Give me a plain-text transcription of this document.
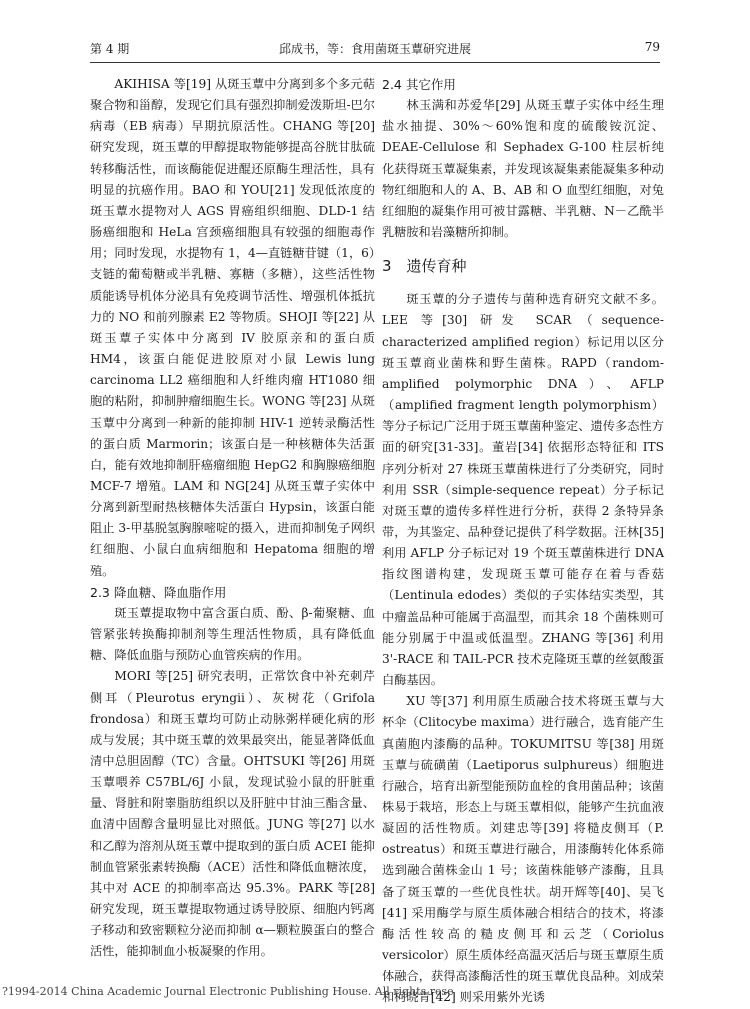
第 4 期	邱成书，等：食用菌斑玉蕈研究进展	79

AKIHISA 等[19] 从斑玉蕈中分离到多个多元萜聚合物和甾醇，发现它们具有强烈抑制爱泼斯坦-巴尔病毒（EB 病毒）早期抗原活性。CHANG 等[20] 研究发现，斑玉蕈的甲醇提取物能够提高谷胱甘肽硫转移酶活性，而该酶能促进醌还原酶生理活性，具有明显的抗癌作用。BAO 和 YOU[21] 发现低浓度的斑玉蕈水提物对人 AGS 胃癌组织细胞、DLD-1 结肠癌细胞和 HeLa 宫颈癌细胞具有较强的细胞毒作用；同时发现，水提物有 1，4—直链糖苷键（1，6）支链的葡萄糖或半乳糖、寡糖（多糖），这些活性物质能诱导机体分泌具有免疫调节活性、增强机体抵抗力的 NO 和前列腺素 E2 等物质。SHOJI 等[22] 从斑玉蕈子实体中分离到 IV 胶原亲和的蛋白质 HM4，该蛋白能促进胶原对小鼠 Lewis lung carcinoma LL2 癌细胞和人纤维肉瘤 HT1080 细胞的粘附，抑制肿瘤细胞生长。WONG 等[23] 从斑玉蕈中分离到一种新的能抑制 HIV-1 逆转录酶活性的蛋白质 Marmorin；该蛋白是一种核糖体失活蛋白，能有效地抑制肝癌瘤细胞 HepG2 和胸腺癌细胞 MCF-7 增殖。LAM 和 NG[24] 从斑玉蕈子实体中分离到新型耐热核糖体失活蛋白 Hypsin，该蛋白能阻止 3-甲基脱氢胸腺嘧啶的摄入，进而抑制兔子网织红细胞、小鼠白血病细胞和 Hepatoma 细胞的增殖。

2.3 降血糖、降血脂作用

斑玉蕈提取物中富含蛋白质、酚、β-葡聚糖、血管紧张转换酶抑制剂等生理活性物质，具有降低血糖、降低血脂与预防心血管疾病的作用。

MORI 等[25] 研究表明，正常饮食中补充刺芹侧耳（Pleurotus eryngii）、灰树花（Grifola frondosa）和斑玉蕈均可防止动脉粥样硬化病的形成与发展；其中斑玉蕈的效果最突出，能显著降低血清中总胆固醇（TC）含量。OHTSUKI 等[26] 用斑玉蕈喂养 C57BL/6J 小鼠，发现试验小鼠的肝脏重量、肾脏和附睾脂肪组织以及肝脏中甘油三酯含量、血清中固醇含量明显比对照低。JUNG 等[27] 以水和乙醇为溶剂从斑玉蕈中提取到的蛋白质 ACEI 能抑制血管紧张素转换酶（ACE）活性和降低血糖浓度，其中对 ACE 的抑制率高达 95.3%。PARK 等[28] 研究发现，斑玉蕈提取物通过诱导胶原、细胞内钙离子移动和致密颗粒分泌而抑制 α—颗粒膜蛋白的整合活性，能抑制血小板凝聚的作用。

2.4 其它作用

林玉满和苏爱华[29] 从斑玉蕈子实体中经生理盐水抽提、30%～60%饱和度的硫酸铵沉淀、DEAE-Cellulose 和 Sephadex G-100 柱层析纯化获得斑玉蕈凝集素，并发现该凝集素能凝集多种动物红细胞和人的 A、B、AB 和 O 血型红细胞，对兔红细胞的凝集作用可被甘露糖、半乳糖、N－乙酰半乳糖胺和岩藻糖所抑制。

3　遗传育种

斑玉蕈的分子遗传与菌种选育研究文献不多。LEE 等[30] 研发 SCAR（sequence-characterized amplified region）标记用以区分斑玉蕈商业菌株和野生菌株。RAPD（random-amplified polymorphic DNA）、AFLP（amplified fragment length polymorphism）等分子标记广泛用于斑玉蕈菌种鉴定、遗传多态性方面的研究[31-33]。董岩[34] 依据形态特征和 ITS 序列分析对 27 株斑玉蕈菌株进行了分类研究，同时利用 SSR（simple-sequence repeat）分子标记对斑玉蕈的遗传多样性进行分析，获得 2 条特异条带，为其鉴定、品种登记提供了科学数据。汪林[35] 利用 AFLP 分子标记对 19 个斑玉蕈菌株进行 DNA 指纹图谱构建，发现斑玉蕈可能存在着与香菇（Lentinula edodes）类似的子实体结实类型，其中瘤盖品种可能属于高温型，而其余 18 个菌株则可能分别属于中温或低温型。ZHANG 等[36] 利用 3'-RACE 和 TAIL-PCR 技术克隆斑玉蕈的丝氨酸蛋白酶基因。

XU 等[37] 利用原生质融合技术将斑玉蕈与大杯伞（Clitocybe maxima）进行融合，选育能产生真菌胞内漆酶的品种。TOKUMITSU 等[38] 用斑玉蕈与硫磺菌（Laetiporus sulphureus）细胞进行融合，培育出新型能预防血栓的食用菌品种；该菌株易于栽培，形态上与斑玉蕈相似，能够产生抗血液凝固的活性物质。刘建忠等[39] 将糙皮侧耳（P. ostreatus）和斑玉蕈进行融合，用漆酶转化体系筛选到融合菌株金山 1 号；该菌株能够产漆酶，且具备了斑玉蕈的一些优良性状。胡开辉等[40]、吴飞[41] 采用酶学与原生质体融合相结合的技术，将漆酶活性较高的糙皮侧耳和云芝（Coriolus versicolor）原生质体经高温灭活后与斑玉蕈原生质体融合，获得高漆酶活性的斑玉蕈优良品种。刘成荣和柯晓青[42] 则采用紫外光诱

?1994-2014 China Academic Journal Electronic Publishing House. All rights rese
